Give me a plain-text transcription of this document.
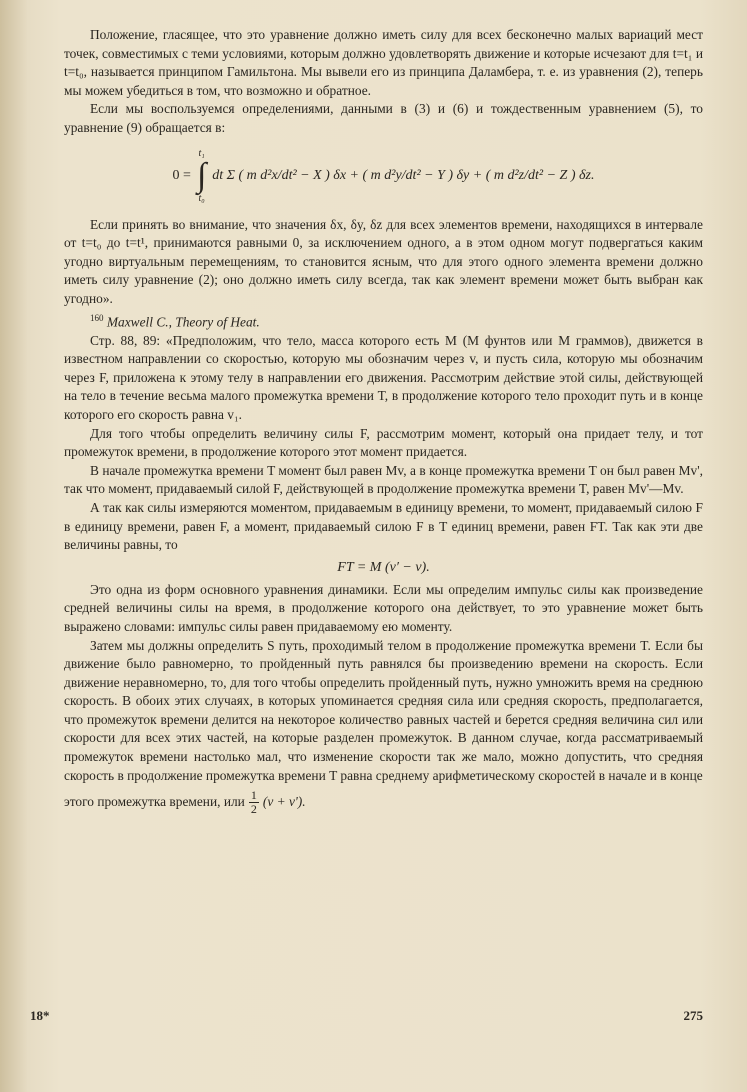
Положение, гласящее, что это уравнение должно иметь силу для всех бесконечно малых вариаций мест точек, совместимых с теми условиями, которым должно удовлетворять движение и которые исчезают для t=t₁ и t=t₀, называется принципом Гамильтона. Мы вывели его из принципа Даламбера, т. е. из уравнения (2), теперь мы можем убедиться в том, что возможно и обратное.

Если мы воспользуемся определениями, данными в (3) и (6) и тождественным уравнением (5), то уравнение (9) обращается в:

0 =
t₁
∫
t₀
dt Σ ( m d²x/dt² − X ) δx + ( m d²y/dt² − Y ) δy + ( m d²z/dt² − Z ) δz.

Если принять во внимание, что значения δx, δy, δz для всех элементов времени, находящихся в интервале от t=t₀ до t=t¹, принимаются равными 0, за исключением одного, а в этом одном могут подвергаться каким угодно виртуальным перемещениям, то становится ясным, что для этого одного элемента времени должно иметь силу уравнение (2); оно должно иметь силу всегда, так как элемент времени может быть выбран как угодно».

$^{160}$ Maxwell C., Theory of Heat.

Стр. 88, 89: «Предположим, что тело, масса которого есть M (M фунтов или M граммов), движется в известном направлении со скоростью, которую мы обозначим через v, и пусть сила, которую мы обозначим через F, приложена к этому телу в направлении его движения. Рассмотрим действие этой силы, действующей на тело в течение весьма малого промежутка времени T, в продолжение которого тело проходит путь и в конце которого его скорость равна v₁.

Для того чтобы определить величину силы F, рассмотрим момент, который она придает телу, и тот промежуток времени, в продолжение которого этот момент придается.

В начале промежутка времени T момент был равен Mv, а в конце промежутка времени T он был равен Mv', так что момент, придаваемый силой F, действующей в продолжение промежутка времени T, равен Mv'—Mv.

А так как силы измеряются моментом, придаваемым в единицу времени, то момент, придаваемый силою F в единицу времени, равен F, а момент, придаваемый силою F в T единиц времени, равен FT. Так как эти две величины равны, то

FT = M (v′ − v).

Это одна из форм основного уравнения динамики. Если мы определим импульс силы как произведение средней величины силы на время, в продолжение которого она действует, то это уравнение может быть выражено словами: импульс силы равен придаваемому ею моменту.

Затем мы должны определить S путь, проходимый телом в продолжение промежутка времени T. Если бы движение было равномерно, то пройденный путь равнялся бы произведению времени на скорость. Если движение неравномерно, то, для того чтобы определить пройденный путь, нужно умножить время на среднюю скорость. В обоих этих случаях, в которых упоминается средняя сила или средняя скорость, предполагается, что промежуток времени делится на некоторое количество равных частей и берется средняя величина сил или скорости для всех этих частей, на которые разделен промежуток. В данном случае, когда рассматриваемый промежуток времени настолько мал, что изменение скорости так же мало, можно допустить, что средняя скорость в продолжение промежутка времени T равна среднему арифметическому скоростей в начале и в конце

этого промежутка времени, или $\frac{1}{2} (v + v')$.
18*	275
